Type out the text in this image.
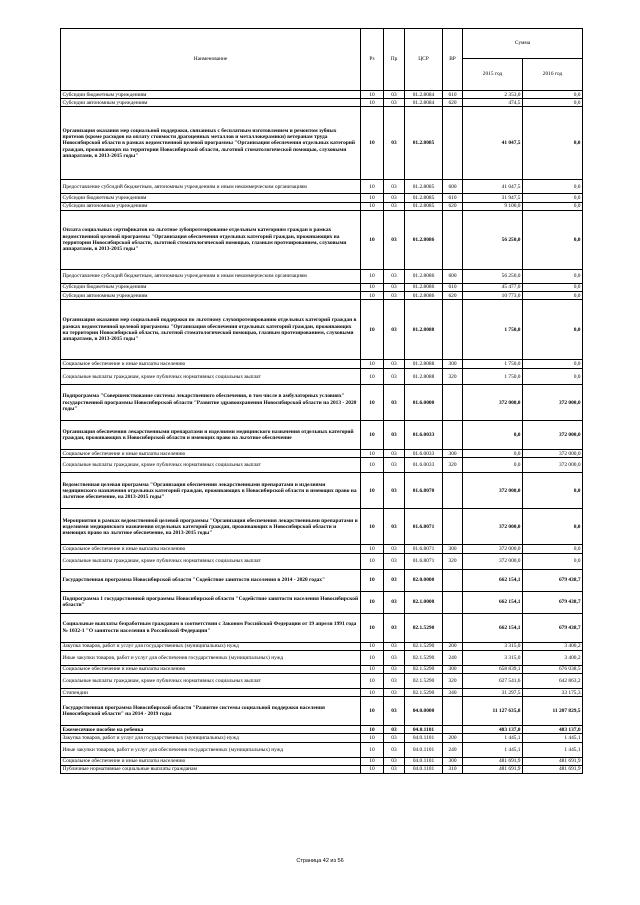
Наименование	Рз	Пр	ЦСР	ВР	Сумма	
					2015 год	2016 год
Субсидии бюджетным учреждениям	10	03	01.2.8084	610	2 353,0	0,0
Субсидии автономным учреждениям	10	03	01.2.8084	620	474,5	0,0
Организация оказания мер социальной поддержки, связанных с бесплатным изготовлением и ремонтом зубных протезов (кроме расходов на оплату стоимости драгоценных металлов и металлокерамики) ветеранам труда Новосибирской области в рамках ведомственной целевой программы "Организация обеспечения отдельных категорий граждан, проживающих на территории Новосибирской области, льготной стоматологической помощью, слуховыми аппаратами, в 2013-2015 годы"	10	03	01.2.8085		41 047,5	0,0
Предоставление субсидий бюджетным, автономным учреждениям и иным некоммерческим организациям	10	03	01.2.8085	600	41 047,5	0,0
Субсидии бюджетным учреждениям	10	03	01.2.8085	610	31 947,5	0,0
Субсидии автономным учреждениям	10	03	01.2.8085	620	9 100,0	0,0
Оплата социальных сертификатов на льготное зубопротезирование отдельным категориям граждан в рамках ведомственной целевой программы "Организация обеспечения отдельных категорий граждан, проживающих на территории Новосибирской области, льготной стоматологической помощью, глазным протезированием, слуховыми аппаратами, в 2013-2015 годы"	10	03	01.2.8086		56 250,0	0,0
Предоставление субсидий бюджетным, автономным учреждениям и иным некоммерческим организациям	10	03	01.2.8086	600	56 250,0	0,0
Субсидии бюджетным учреждениям	10	03	01.2.8086	610	45 477,0	0,0
Субсидии автономным учреждениям	10	03	01.2.8086	620	10 773,0	0,0
Организация оказания мер социальной поддержки по льготному слухопротезированию отдельных категорий граждан в рамках ведомственной целевой программы "Организация обеспечения отдельных категорий граждан, проживающих на территории Новосибирской области, льготной стоматологической помощью, глазным протезированием, слуховыми аппаратами, в 2013-2015 годы"	10	03	01.2.8088		1 750,0	0,0
Социальное обеспечение и иные выплаты населению	10	03	01.2.8088	300	1 750,0	0,0
Социальные выплаты гражданам, кроме публичных нормативных социальных выплат	10	03	01.2.8088	320	1 750,0	0,0
Подпрограмма "Совершенствование системы лекарственного обеспечения, в том числе в амбулаторных условиях" государственной программы Новосибирской области "Развитие здравоохранения Новосибирской области на 2013 - 2020 годы"	10	03	01.6.0000		372 000,0	372 000,0
Организация обеспечения лекарственными препаратами и изделиями медицинского назначения отдельных категорий граждан, проживающих в Новосибирской области и имеющих право на льготное обеспечение	10	03	01.6.0033		0,0	372 000,0
Социальное обеспечение и иные выплаты населению	10	03	01.6.0033	300	0,0	372 000,0
Социальные выплаты гражданам, кроме публичных нормативных социальных выплат	10	03	01.6.0033	320	0,0	372 000,0
Ведомственная целевая программа "Организация обеспечения лекарственными препаратами и изделиями медицинского назначения отдельных категорий граждан, проживающих в Новосибирской области и имеющих право на льготное обеспечение, на 2013-2015 годы"	10	03	01.6.8070		372 000,0	0,0
Мероприятия в рамках ведомственной целевой программы "Организация обеспечения лекарственными препаратами и изделиями медицинского назначения отдельных категорий граждан, проживающих в Новосибирской области и имеющих право на льготное обеспечение, на 2013-2015 годы"	10	03	01.6.8071		372 000,0	0,0
Социальное обеспечение и иные выплаты населению	10	03	01.6.8071	300	372 000,0	0,0
Социальные выплаты гражданам, кроме публичных нормативных социальных выплат	10	03	01.6.8071	320	372 000,0	0,0
Государственная программа Новосибирской области "Содействие занятости населения в 2014 - 2020 годах"	10	03	02.0.0000		662 154,1	679 438,7
Подпрограмма 1 государственной программы Новосибирской области "Содействие занятости населения Новосибирской области"	10	03	02.1.0000		662 154,1	679 438,7
Социальные выплаты безработным гражданам в соответствии с Законом Российской Федерации от 19 апреля 1991 года № 1032-1 "О занятости населения в Российской Федерации"	10	03	02.1.5290		662 154,1	679 438,7
Закупка товаров, работ и услуг для государственных (муниципальных) нужд	10	03	02.1.5290	200	3 315,0	3 400,2
Иные закупки товаров, работ и услуг для обеспечения государственных (муниципальных) нужд	10	03	02.1.5290	240	3 315,0	3 400,2
Социальное обеспечение и иные выплаты населению	10	03	02.1.5290	300	658 839,1	676 038,5
Социальные выплаты гражданам, кроме публичных нормативных социальных выплат	10	03	02.1.5290	320	627 541,6	642 863,2
Стипендии	10	03	02.1.5290	340	31 297,5	33 175,3
Государственная программа Новосибирской области "Развитие системы социальной поддержки населения Новосибирской области" на 2014 - 2019 годы	10	03	04.0.0000		11 127 635,8	11 207 829,5
Ежемесячное пособие на ребенка	10	03	04.0.1101		483 137,0	483 137,0
Закупка товаров, работ и услуг для государственных (муниципальных) нужд	10	03	04.0.1101	200	1 445,1	1 445,1
Иные закупки товаров, работ и услуг для обеспечения государственных (муниципальных) нужд	10	03	04.0.1101	240	1 445,1	1 445,1
Социальное обеспечение и иные выплаты населению	10	03	04.0.1101	300	481 691,9	481 691,9
Публичные нормативные социальные выплаты гражданам	10	03	04.0.1101	310	481 691,9	481 691,9
Страница 42 из 56
